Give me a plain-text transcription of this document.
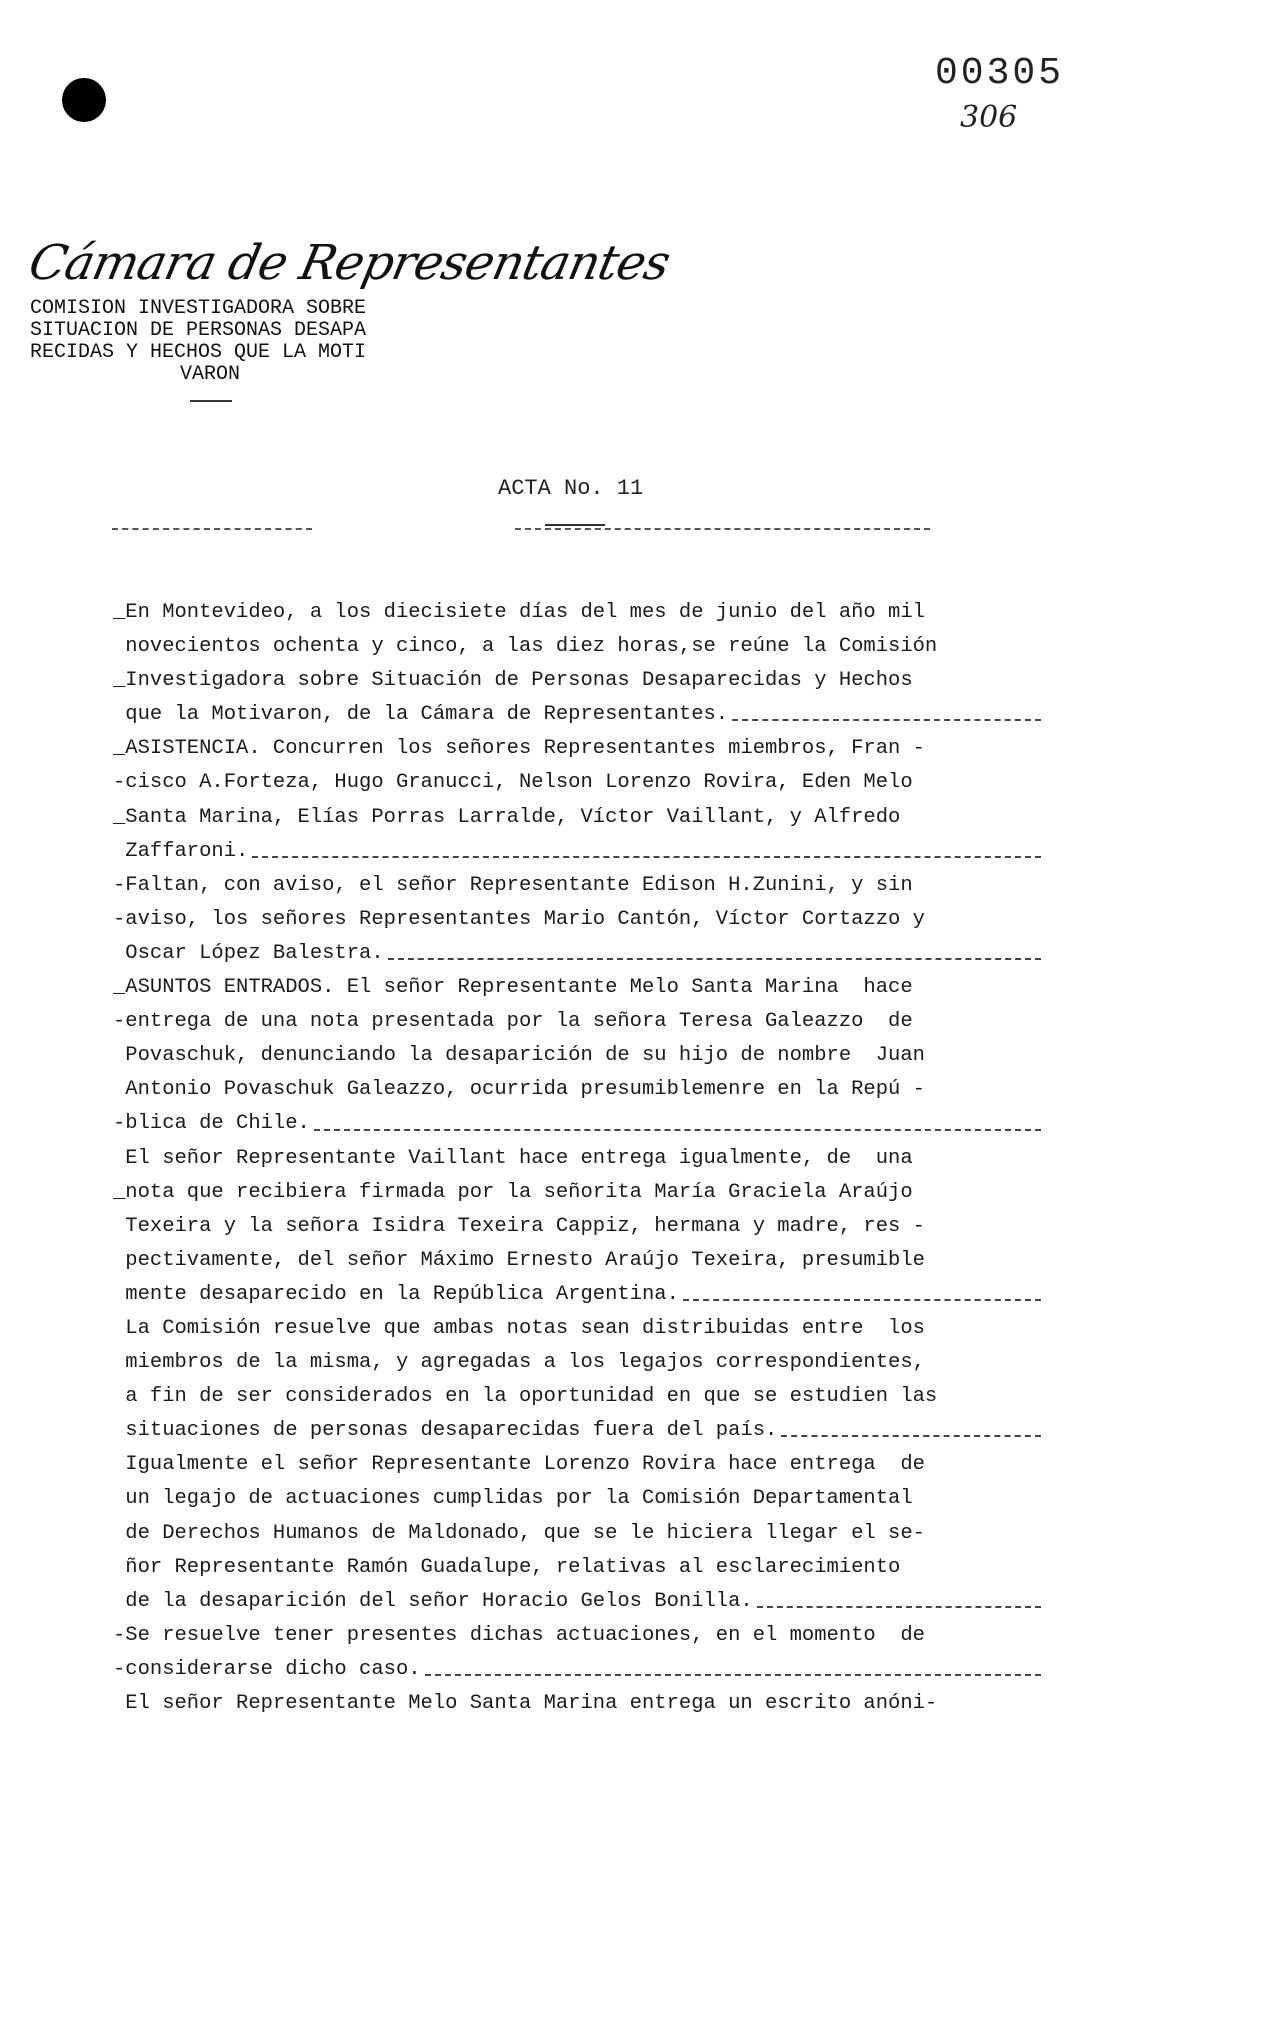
00305
306
Cámara de Representantes
COMISION INVESTIGADORA SOBRE
SITUACION DE PERSONAS DESAPA
RECIDAS Y HECHOS QUE LA MOTI
VARON
ACTA No. 11
_En Montevideo, a los diecisiete días del mes de junio del año mil
novecientos ochenta y cinco, a las diez horas,se reúne la Comisión
_Investigadora sobre Situación de Personas Desaparecidas y Hechos
que la Motivaron, de la Cámara de Representantes.
_ASISTENCIA. Concurren los señores Representantes miembros, Fran -
-cisco A.Forteza, Hugo Granucci, Nelson Lorenzo Rovira, Eden Melo
_Santa Marina, Elías Porras Larralde, Víctor Vaillant, y Alfredo
Zaffaroni.
-Faltan, con aviso, el señor Representante Edison H.Zunini, y sin
-aviso, los señores Representantes Mario Cantón, Víctor Cortazzo y
Oscar López Balestra.
_ASUNTOS ENTRADOS. El señor Representante Melo Santa Marina  hace
-entrega de una nota presentada por la señora Teresa Galeazzo  de
Povaschuk, denunciando la desaparición de su hijo de nombre  Juan
Antonio Povaschuk Galeazzo, ocurrida presumiblemenre en la Repú -
-blica de Chile.
El señor Representante Vaillant hace entrega igualmente, de  una
_nota que recibiera firmada por la señorita María Graciela Araújo
Texeira y la señora Isidra Texeira Cappiz, hermana y madre, res -
pectivamente, del señor Máximo Ernesto Araújo Texeira, presumible
mente desaparecido en la República Argentina.
La Comisión resuelve que ambas notas sean distribuidas entre  los
miembros de la misma, y agregadas a los legajos correspondientes,
a fin de ser considerados en la oportunidad en que se estudien las
situaciones de personas desaparecidas fuera del país.
Igualmente el señor Representante Lorenzo Rovira hace entrega  de
un legajo de actuaciones cumplidas por la Comisión Departamental
de Derechos Humanos de Maldonado, que se le hiciera llegar el se-
ñor Representante Ramón Guadalupe, relativas al esclarecimiento
de la desaparición del señor Horacio Gelos Bonilla.
-Se resuelve tener presentes dichas actuaciones, en el momento  de
-considerarse dicho caso.
El señor Representante Melo Santa Marina entrega un escrito anóni-
